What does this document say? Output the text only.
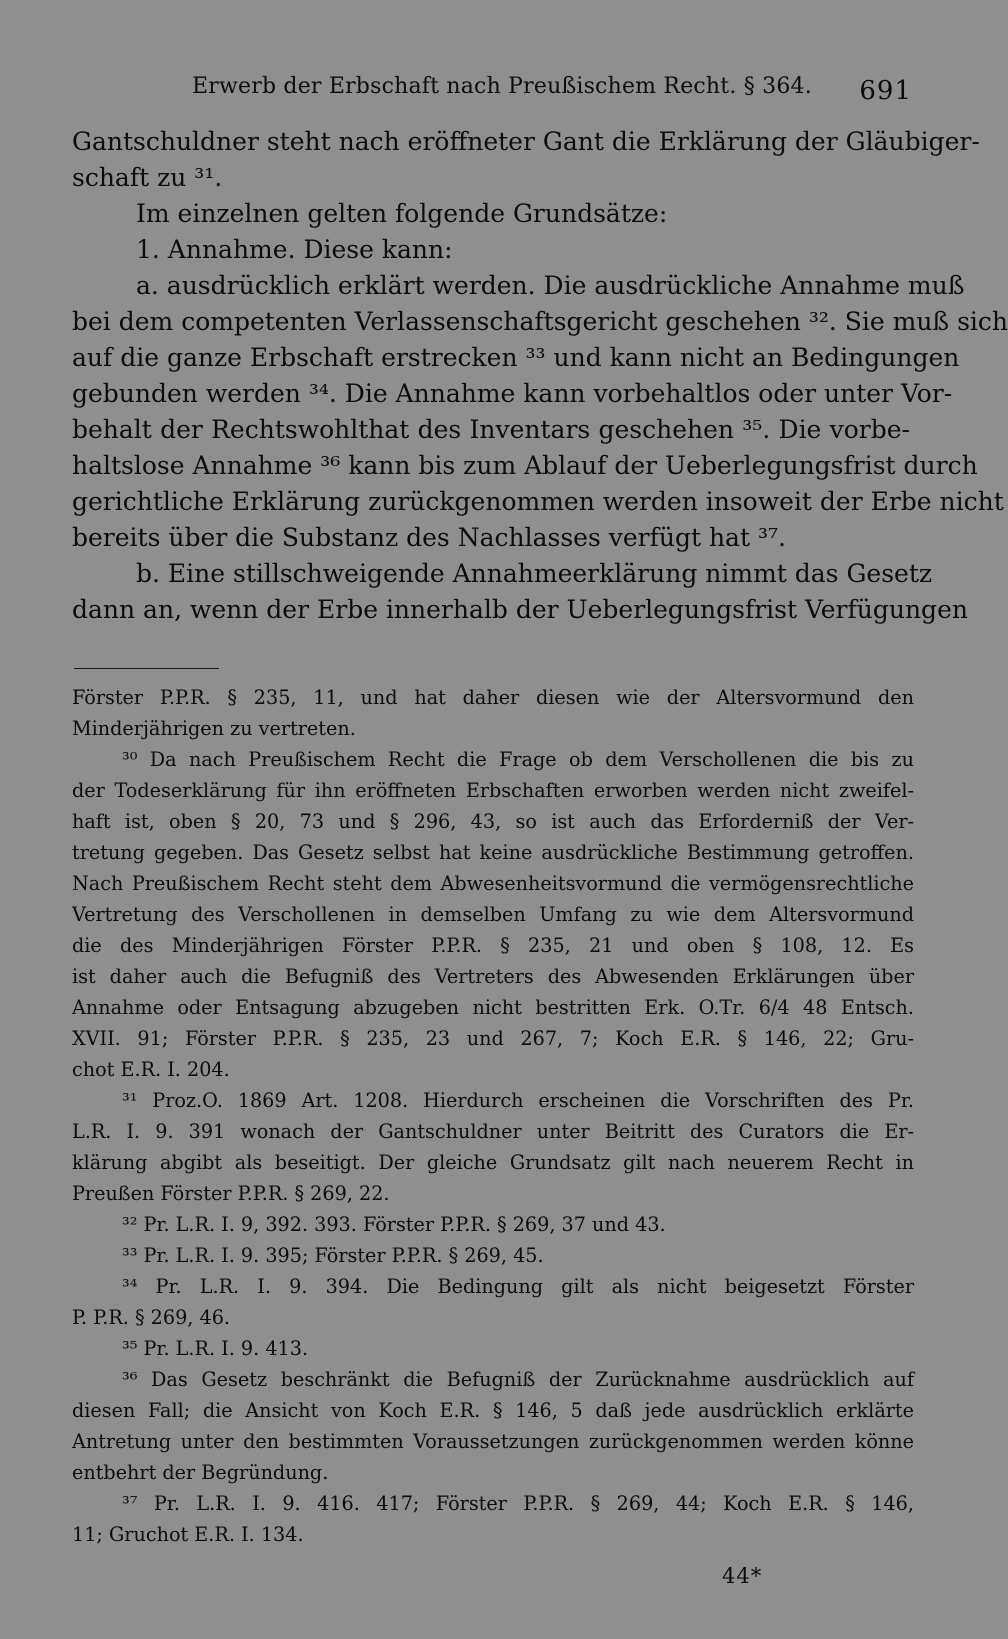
Erwerb der Erbschaft nach Preußischem Recht. § 364. 691
Gantschuldner steht nach eröffneter Gant die Erklärung der Gläubiger-
schaft zu ³¹.
Im einzelnen gelten folgende Grundsätze:
1. Annahme. Diese kann:
a. ausdrücklich erklärt werden. Die ausdrückliche Annahme muß
bei dem competenten Verlassenschaftsgericht geschehen ³². Sie muß sich
auf die ganze Erbschaft erstrecken ³³ und kann nicht an Bedingungen
gebunden werden ³⁴. Die Annahme kann vorbehaltlos oder unter Vor-
behalt der Rechtswohlthat des Inventars geschehen ³⁵. Die vorbe-
haltslose Annahme ³⁶ kann bis zum Ablauf der Ueberlegungsfrist durch
gerichtliche Erklärung zurückgenommen werden insoweit der Erbe nicht
bereits über die Substanz des Nachlasses verfügt hat ³⁷.
b. Eine stillschweigende Annahmeerklärung nimmt das Gesetz
dann an, wenn der Erbe innerhalb der Ueberlegungsfrist Verfügungen
Förster P.P.R. § 235, 11, und hat daher diesen wie der Altersvormund den
Minderjährigen zu vertreten.
³⁰ Da nach Preußischem Recht die Frage ob dem Verschollenen die bis zu
der Todeserklärung für ihn eröffneten Erbschaften erworben werden nicht zweifel-
haft ist, oben § 20, 73 und § 296, 43, so ist auch das Erforderniß der Ver-
tretung gegeben. Das Gesetz selbst hat keine ausdrückliche Bestimmung getroffen.
Nach Preußischem Recht steht dem Abwesenheitsvormund die vermögensrechtliche
Vertretung des Verschollenen in demselben Umfang zu wie dem Altersvormund
die des Minderjährigen Förster P.P.R. § 235, 21 und oben § 108, 12. Es
ist daher auch die Befugniß des Vertreters des Abwesenden Erklärungen über
Annahme oder Entsagung abzugeben nicht bestritten Erk. O.Tr. 6/4 48 Entsch.
XVII. 91; Förster P.P.R. § 235, 23 und 267, 7; Koch E.R. § 146, 22; Gru-
chot E.R. I. 204.
³¹ Proz.O. 1869 Art. 1208. Hierdurch erscheinen die Vorschriften des Pr.
L.R. I. 9. 391 wonach der Gantschuldner unter Beitritt des Curators die Er-
klärung abgibt als beseitigt. Der gleiche Grundsatz gilt nach neuerem Recht in
Preußen Förster P.P.R. § 269, 22.
³² Pr. L.R. I. 9, 392. 393. Förster P.P.R. § 269, 37 und 43.
³³ Pr. L.R. I. 9. 395; Förster P.P.R. § 269, 45.
³⁴ Pr. L.R. I. 9. 394. Die Bedingung gilt als nicht beigesetzt Förster
P. P.R. § 269, 46.
³⁵ Pr. L.R. I. 9. 413.
³⁶ Das Gesetz beschränkt die Befugniß der Zurücknahme ausdrücklich auf
diesen Fall; die Ansicht von Koch E.R. § 146, 5 daß jede ausdrücklich erklärte
Antretung unter den bestimmten Voraussetzungen zurückgenommen werden könne
entbehrt der Begründung.
³⁷ Pr. L.R. I. 9. 416. 417; Förster P.P.R. § 269, 44; Koch E.R. § 146,
11; Gruchot E.R. I. 134.
44*
